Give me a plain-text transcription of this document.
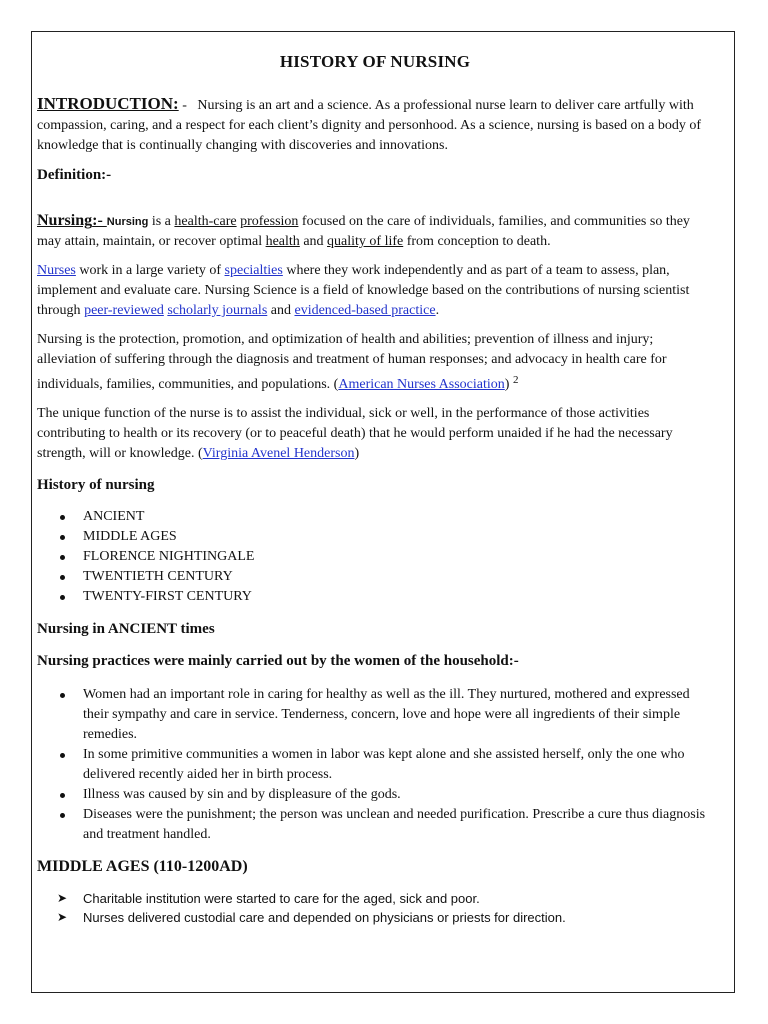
HISTORY OF NURSING

INTRODUCTION: -   Nursing is an art and a science. As a professional nurse learn to deliver care artfully with compassion, caring, and a respect for each client’s dignity and personhood. As a science, nursing is based on a body of knowledge that is continually changing with discoveries and innovations.

Definition:-

Nursing:- Nursing is a health-care profession focused on the care of individuals, families, and communities so they may attain, maintain, or recover optimal health and quality of life from conception to death.

Nurses work in a large variety of specialties where they work independently and as part of a team to assess, plan, implement and evaluate care. Nursing Science is a field of knowledge based on the contributions of nursing scientist through peer-reviewed scholarly journals and evidenced-based practice.

Nursing is the protection, promotion, and optimization of health and abilities; prevention of illness and injury; alleviation of suffering through the diagnosis and treatment of human responses; and advocacy in health care for individuals, families, communities, and populations. (American Nurses Association) $^2$

The unique function of the nurse is to assist the individual, sick or well, in the performance of those activities contributing to health or its recovery (or to peaceful death) that he would perform unaided if he had the necessary strength, will or knowledge. (Virginia Avenel Henderson)

History of nursing

ANCIENT
MIDDLE AGES
FLORENCE NIGHTINGALE
TWENTIETH CENTURY
TWENTY-FIRST CENTURY

Nursing in ANCIENT times

Nursing practices were mainly carried out by the women of the household:-

Women had an important role in caring for healthy as well as the ill. They nurtured, mothered and expressed their sympathy and care in service. Tenderness, concern, love and hope were all ingredients of their simple remedies.
In some primitive communities a women in labor was kept alone and she assisted herself, only the one who delivered recently aided her in birth process.
Illness was caused by sin and by displeasure of the gods.
Diseases were the punishment; the person was unclean and needed purification. Prescribe a cure thus diagnosis and treatment handled.

MIDDLE AGES (110-1200AD)

➤ Charitable institution were started to care for the aged, sick and poor.
➤ Nurses delivered custodial care and depended on physicians or priests for direction.
